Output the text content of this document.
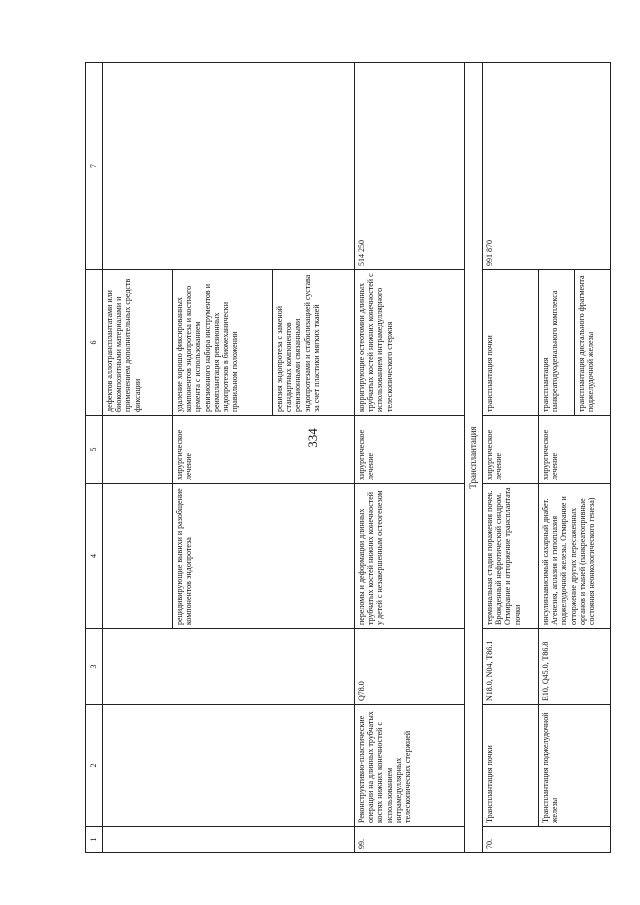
334
1	2	3	4	5	6	7
					дефектов аллотрансплантатами или биокомпозитными материалами и применением дополнительных средств фиксации	
			рецидивирующие вывихи и разобщение компонентов эндопротеза	хирургическое лечение	удаление хорошо фиксированных компонентов эндопротеза и костного цемента с использованием ревизионного набора инструментов и реимплантация ревизионных эндопротезов в биомеханически правильном положении	
					ревизия эндопротеза с заменой стандартных компонентов ревизионными связанными эндопротезами и стабилизацией сустава за счет пластики мягких тканей	
99.	Реконструктивно-пластические операции на длинных трубчатых костях нижних конечностей с использованием интрамедуллярных телескопических стержней	Q78.0	переломы и деформации длинных трубчатых костей нижних конечностей у детей с незавершенным остеогенезом	хирургическое лечение	корригирующие остеотомии длинных трубчатых костей нижних конечностей с использованием интрамедуллярного телескопического стержня	514 250
Трансплантация						
70.	Трансплантация почки	N18.0, N04, T86.1	терминальная стадия поражения почек. Врожденный нефротический синдром. Отмирание и отторжение трансплантата почки	хирургическое лечение	трансплантация почки	991 870
	Трансплантация поджелудочной железы	E10, Q45.0, T86.8	инсулинзависимый сахарный диабет. Агенезия, аплазия и гипоплазия поджелудочной железы. Отмирание и отторжение других пересаженных органов и тканей (панкреатопривные состояния неонкологического генеза)	хирургическое лечение	трансплантация панкреатодуоденального комплекса	
					трансплантация дистального фрагмента поджелудочной железы	
